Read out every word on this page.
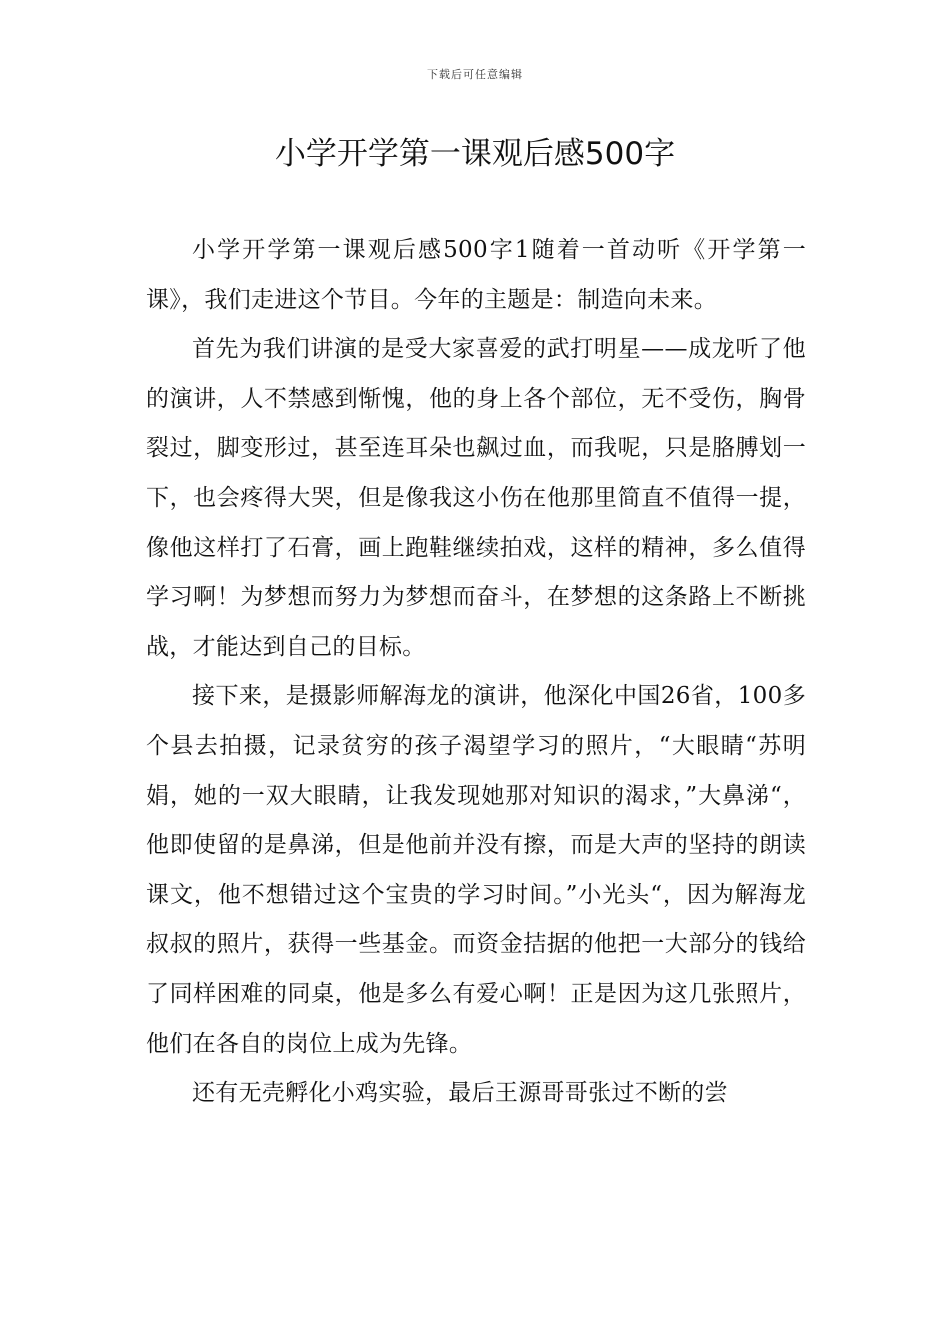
下载后可任意编辑
小学开学第一课观后感500字

小学开学第一课观后感500字1随着一首动听《开学第一课》，我们走进这个节目。今年的主题是：制造向未来。

首先为我们讲演的是受大家喜爱的武打明星——成龙听了他的演讲，人不禁感到惭愧，他的身上各个部位，无不受伤，胸骨裂过，脚变形过，甚至连耳朵也飙过血，而我呢，只是胳膊划一下，也会疼得大哭，但是像我这小伤在他那里简直不值得一提，像他这样打了石膏，画上跑鞋继续拍戏，这样的精神，多么值得学习啊！为梦想而努力为梦想而奋斗，在梦想的这条路上不断挑战，才能达到自己的目标。

接下来，是摄影师解海龙的演讲，他深化中国26省，100多个县去拍摄，记录贫穷的孩子渴望学习的照片，“大眼睛“苏明娟，她的一双大眼睛，让我发现她那对知识的渴求，”大鼻涕“，他即使留的是鼻涕，但是他前并没有擦，而是大声的坚持的朗读课文，他不想错过这个宝贵的学习时间。”小光头“，因为解海龙叔叔的照片，获得一些基金。而资金拮据的他把一大部分的钱给了同样困难的同桌，他是多么有爱心啊！正是因为这几张照片，他们在各自的岗位上成为先锋。

还有无壳孵化小鸡实验，最后王源哥哥张过不断的尝
